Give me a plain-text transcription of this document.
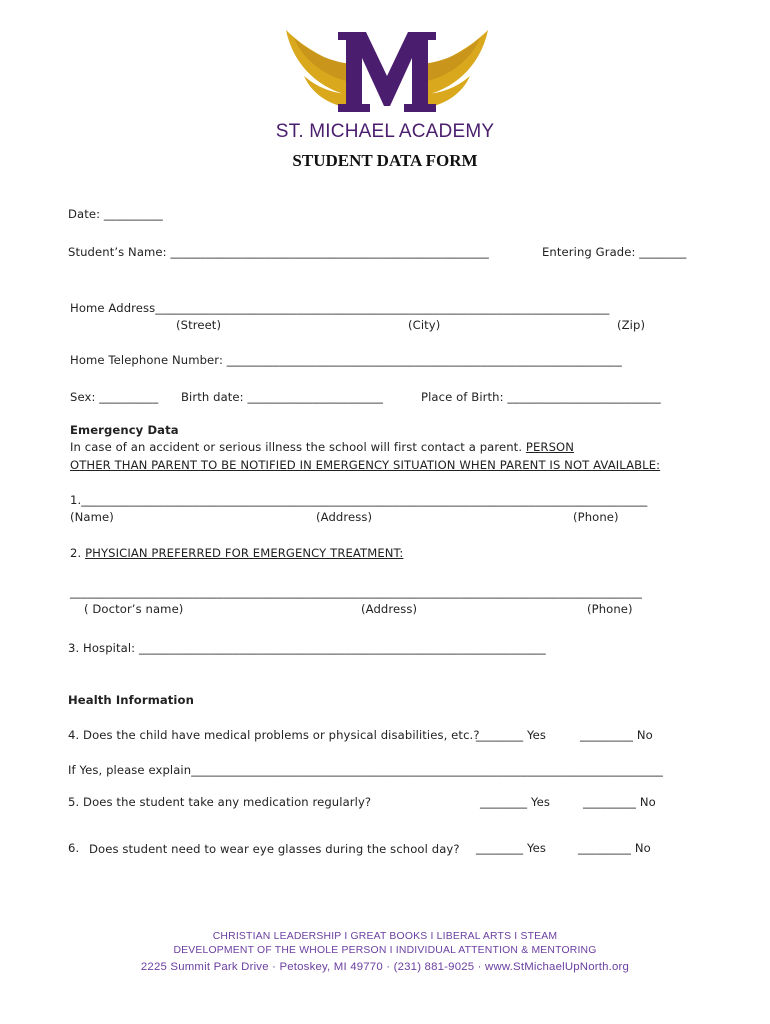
ST. MICHAEL ACADEMY
STUDENT DATA FORM
Date: __________
Student’s Name: ______________________________________________________	Entering Grade: ________
Home Address_____________________________________________________________________________
(Street)	(City)	(Zip)
Home Telephone Number: ___________________________________________________________________
Sex: __________ Birth date: _______________________	Place of Birth: __________________________
Emergency Data
In case of an accident or serious illness the school will first contact a parent. PERSON
OTHER THAN PARENT TO BE NOTIFIED IN EMERGENCY SITUATION WHEN PARENT IS NOT AVAILABLE:
1.________________________________________________________________________________________________
(Name)	(Address)	(Phone)
2. PHYSICIAN PREFERRED FOR EMERGENCY TREATMENT:
_________________________________________________________________________________________________
( Doctor’s name)	(Address)	(Phone)
3. Hospital: _____________________________________________________________________
Health Information
4. Does the child have medical problems or physical disabilities, etc.?
________ Yes	_________ No
If Yes, please explain________________________________________________________________________________
5. Does the student take any medication regularly?	________ Yes	_________ No
6. Does student need to wear eye glasses during the school day? ________ Yes	_________ No
CHRISTIAN LEADERSHIP I GREAT BOOKS I LIBERAL ARTS I STEAM
DEVELOPMENT OF THE WHOLE PERSON I INDIVIDUAL ATTENTION & MENTORING
2225 Summit Park Drive · Petoskey, MI 49770 · (231) 881-9025 · www.StMichaelUpNorth.org
